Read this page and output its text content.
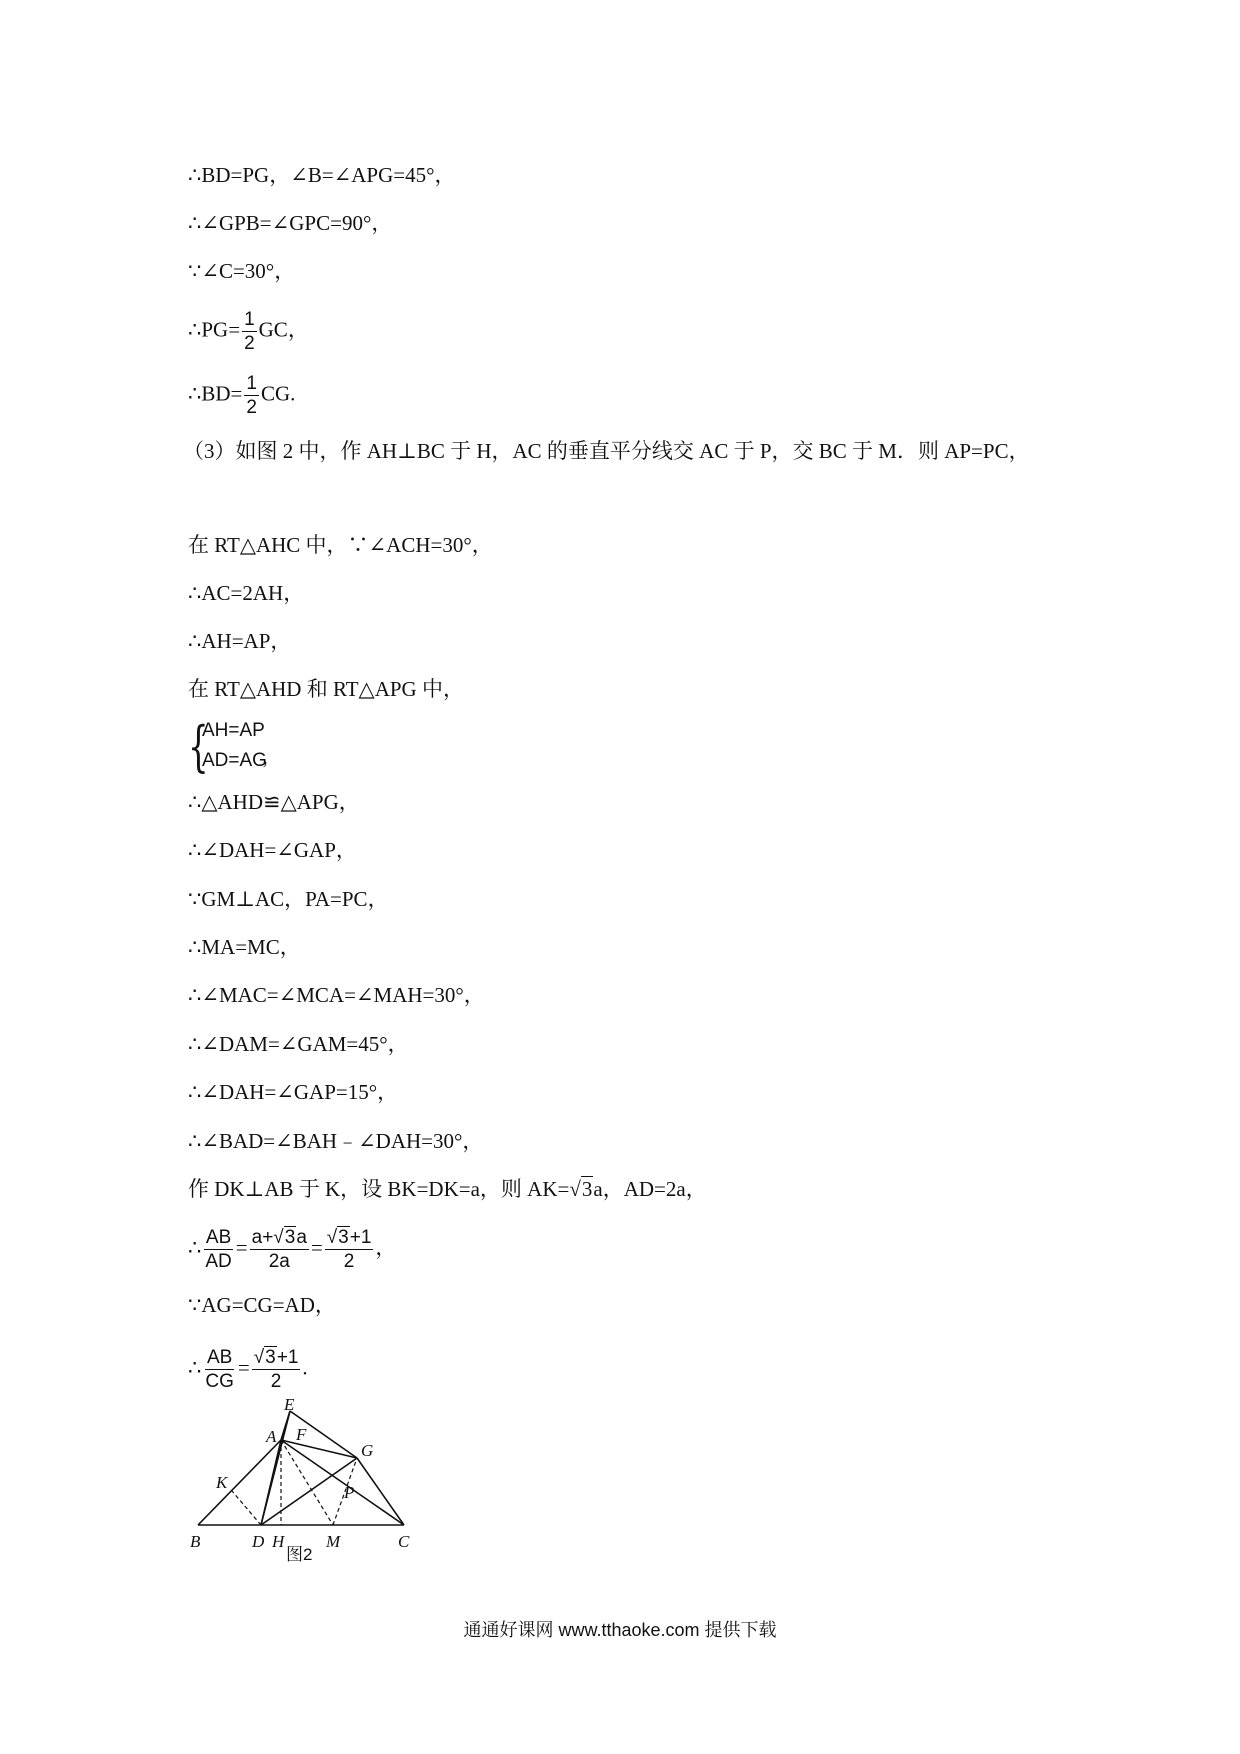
∴BD=PG，∠B=∠APG=45°，
∴∠GPB=∠GPC=90°，
∵∠C=30°，
∴PG= $\frac{1}{2}$ GC，
∴BD= $\frac{1}{2}$ CG.
（3）如图 2 中，作 AH⊥BC 于 H，AC 的垂直平分线交 AC 于 P，交 BC 于 M．则 AP=PC，
在 RT△AHC 中，∵∠ACH=30°，
∴AC=2AH，
∴AH=AP，
在 RT△AHD 和 RT△APG 中，
{
AH=AP
AD=AG
，
∴△AHD≌△APG，
∴∠DAH=∠GAP，
∵GM⊥AC，PA=PC，
∴MA=MC，
∴∠MAC=∠MCA=∠MAH=30°，
∴∠DAM=∠GAM=45°，
∴∠DAH=∠GAP=15°，
∴∠BAD=∠BAH﹣∠DAH=30°，
作 DK⊥AB 于 K，设 BK=DK=a，则 AK=√3a，AD=2a，
∴ $\frac{AB}{AD} = \frac{a+√3a}{2a} = \frac{√3+1}{2}$ ，
∵AG=CG=AD，
∴ $\frac{AB}{CG} = \frac{√3+1}{2}$ .
E
A F
G
K
P
B	D H M	C
图2
通通好课网 www.tthaoke.com 提供下载
